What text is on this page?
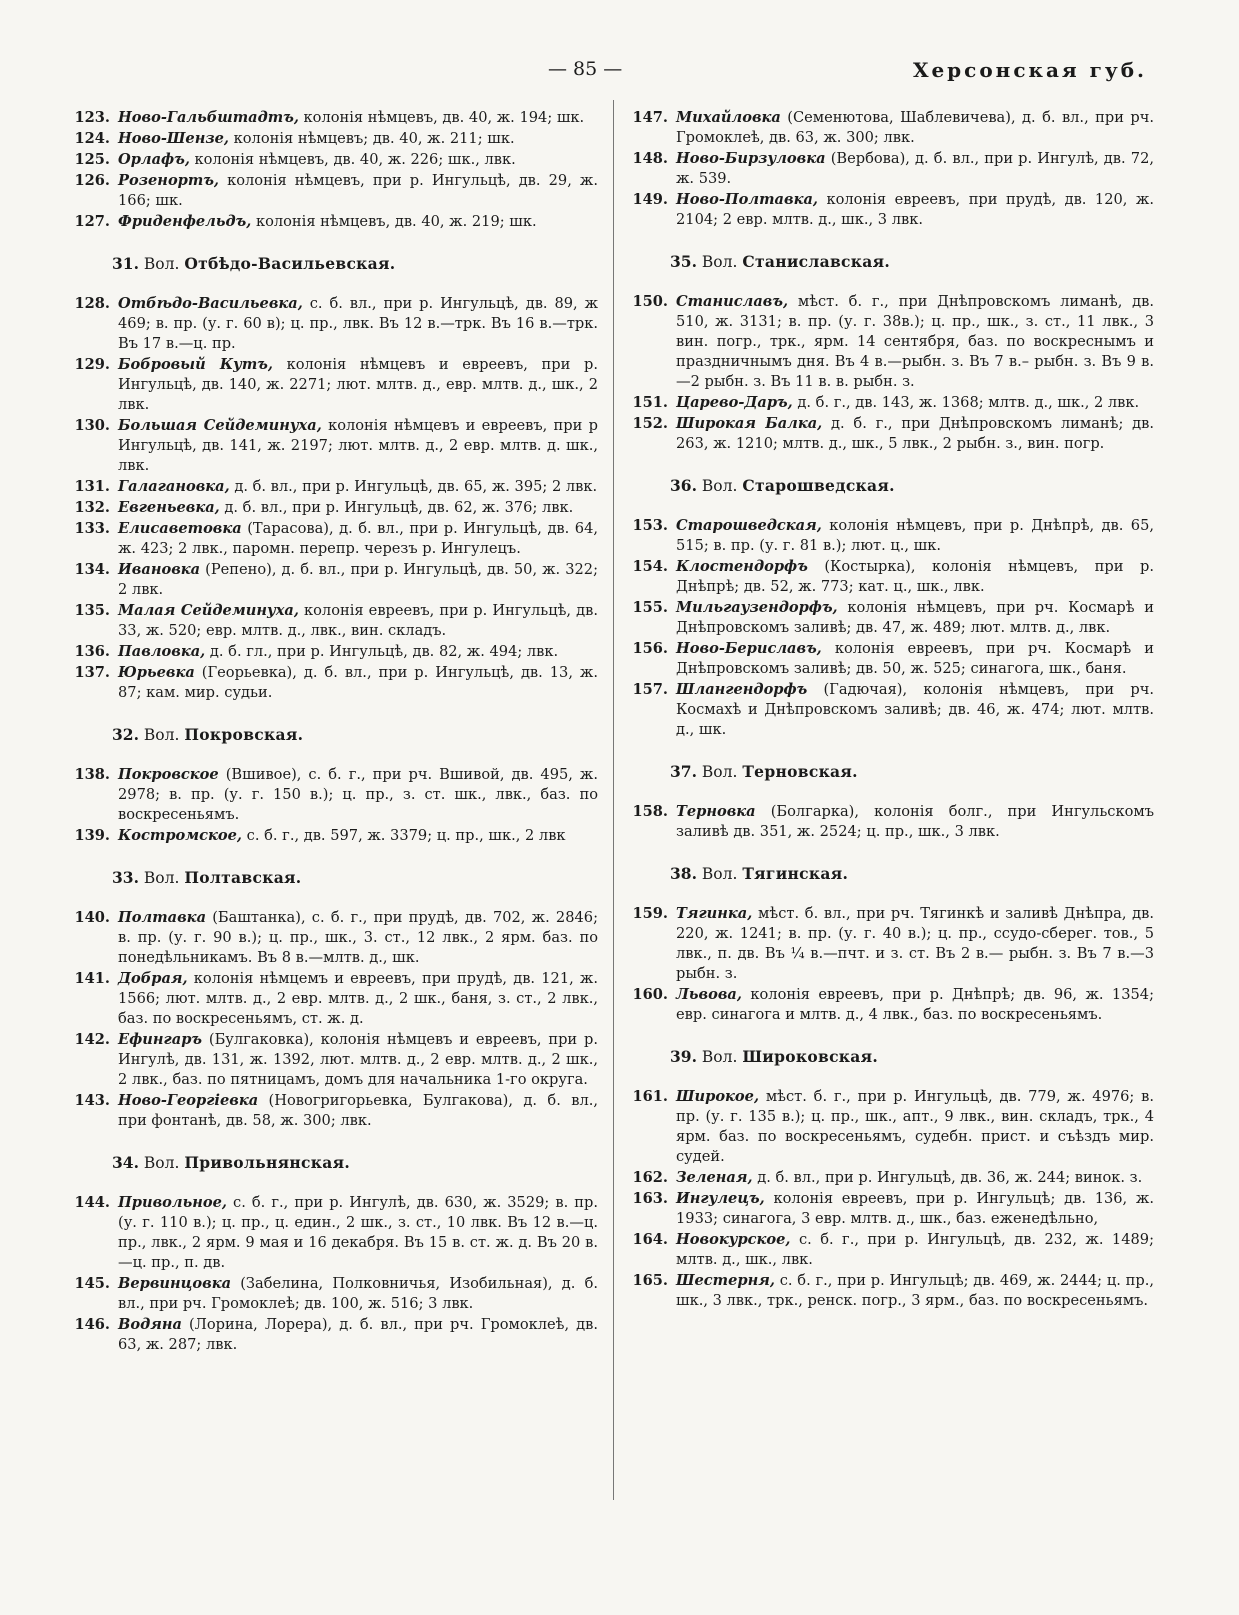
— 85 —	Херсонская губ.
123. Ново-Гальбштадтъ, колонія нѣмцевъ, дв. 40, ж. 194; шк.
124. Ново-Шензе, колонія нѣмцевъ; дв. 40, ж. 211; шк.
125. Орлафъ, колонія нѣмцевъ, дв. 40, ж. 226; шк., лвк.
126. Розенортъ, колонія нѣмцевъ, при р. Ингульцѣ, дв. 29, ж. 166; шк.
127. Фриденфельдъ, колонія нѣмцевъ, дв. 40, ж. 219; шк.
31. Вол. Отбѣдо-Васильевская.
128. Отбѣдо-Васильевка, с. б. вл., при р. Ингульцѣ, дв. 89, ж 469; в. пр. (у. г. 60 в); ц. пр., лвк. Въ 12 в.—трк. Въ 16 в.—трк. Въ 17 в.—ц. пр.
129. Бобровый Кутъ, колонія нѣмцевъ и евреевъ, при р. Ингульцѣ, дв. 140, ж. 2271; лют. млтв. д., евр. млтв. д., шк., 2 лвк.
130. Большая Сейдеминуха, колонія нѣмцевъ и евреевъ, при р Ингульцѣ, дв. 141, ж. 2197; лют. млтв. д., 2 евр. млтв. д. шк., лвк.
131. Галагановка, д. б. вл., при р. Ингульцѣ, дв. 65, ж. 395; 2 лвк.
132. Евгеньевка, д. б. вл., при р. Ингульцѣ, дв. 62, ж. 376; лвк.
133. Елисаветовка (Тарасова), д. б. вл., при р. Ингульцѣ, дв. 64, ж. 423; 2 лвк., паромн. перепр. черезъ р. Ингулецъ.
134. Ивановка (Репено), д. б. вл., при р. Ингульцѣ, дв. 50, ж. 322; 2 лвк.
135. Малая Сейдеминуха, колонія евреевъ, при р. Ингульцѣ, дв. 33, ж. 520; евр. млтв. д., лвк., вин. складъ.
136. Павловка, д. б. гл., при р. Ингульцѣ, дв. 82, ж. 494; лвк.
137. Юрьевка (Георьевка), д. б. вл., при р. Ингульцѣ, дв. 13, ж. 87; кам. мир. судьи.
32. Вол. Покровская.
138. Покровское (Вшивое), с. б. г., при рч. Вшивой, дв. 495, ж. 2978; в. пр. (у. г. 150 в.); ц. пр., з. ст. шк., лвк., баз. по воскресеньямъ.
139. Костромское, с. б. г., дв. 597, ж. 3379; ц. пр., шк., 2 лвк
33. Вол. Полтавская.
140. Полтавка (Баштанка), с. б. г., при прудѣ, дв. 702, ж. 2846; в. пр. (у. г. 90 в.); ц. пр., шк., 3. ст., 12 лвк., 2 ярм. баз. по понедѣльникамъ. Въ 8 в.—млтв. д., шк.
141. Добрая, колонія нѣмцемъ и евреевъ, при прудѣ, дв. 121, ж. 1566; лют. млтв. д., 2 евр. млтв. д., 2 шк., баня, з. ст., 2 лвк., баз. по воскресеньямъ, ст. ж. д.
142. Ефингаръ (Булгаковка), колонія нѣмцевъ и евреевъ, при р. Ингулѣ, дв. 131, ж. 1392, лют. млтв. д., 2 евр. млтв. д., 2 шк., 2 лвк., баз. по пятницамъ, домъ для начальника 1-го округа.
143. Ново-Георгіевка (Новогригорьевка, Булгакова), д. б. вл., при фонтанѣ, дв. 58, ж. 300; лвк.
34. Вол. Привольнянская.
144. Привольное, с. б. г., при р. Ингулѣ, дв. 630, ж. 3529; в. пр. (у. г. 110 в.); ц. пр., ц. един., 2 шк., з. ст., 10 лвк. Въ 12 в.—ц. пр., лвк., 2 ярм. 9 мая и 16 декабря. Въ 15 в. ст. ж. д. Въ 20 в.—ц. пр., п. дв.
145. Вервинцовка (Забелина, Полковничья, Изобильная), д. б. вл., при рч. Громоклеѣ; дв. 100, ж. 516; 3 лвк.
146. Водяна (Лорина, Лорера), д. б. вл., при рч. Громоклеѣ, дв. 63, ж. 287; лвк.
147. Михайловка (Семенютова, Шаблевичева), д. б. вл., при рч. Громоклеѣ, дв. 63, ж. 300; лвк.
148. Ново-Бирзуловка (Вербова), д. б. вл., при р. Ингулѣ, дв. 72, ж. 539.
149. Ново-Полтавка, колонія евреевъ, при прудѣ, дв. 120, ж. 2104; 2 евр. млтв. д., шк., 3 лвк.
35. Вол. Станиславская.
150. Станиславъ, мѣст. б. г., при Днѣпровскомъ лиманѣ, дв. 510, ж. 3131; в. пр. (у. г. 38в.); ц. пр., шк., з. ст., 11 лвк., 3 вин. погр., трк., ярм. 14 сентября, баз. по воскреснымъ и праздничнымъ дня. Въ 4 в.—рыбн. з. Въ 7 в.– рыбн. з. Въ 9 в.—2 рыбн. з. Въ 11 в. в. рыбн. з.
151. Царево-Даръ, д. б. г., дв. 143, ж. 1368; млтв. д., шк., 2 лвк.
152. Широкая Балка, д. б. г., при Днѣпровскомъ лиманѣ; дв. 263, ж. 1210; млтв. д., шк., 5 лвк., 2 рыбн. з., вин. погр.
36. Вол. Старошведская.
153. Старошведская, колонія нѣмцевъ, при р. Днѣпрѣ, дв. 65, 515; в. пр. (у. г. 81 в.); лют. ц., шк.
154. Клостендорфъ (Костырка), колонія нѣмцевъ, при р. Днѣпрѣ; дв. 52, ж. 773; кат. ц., шк., лвк.
155. Мильгаузендорфъ, колонія нѣмцевъ, при рч. Космарѣ и Днѣпровскомъ заливѣ; дв. 47, ж. 489; лют. млтв. д., лвк.
156. Ново-Бериславъ, колонія евреевъ, при рч. Космарѣ и Днѣпровскомъ заливѣ; дв. 50, ж. 525; синагога, шк., баня.
157. Шлангендорфъ (Гадючая), колонія нѣмцевъ, при рч. Космахѣ и Днѣпровскомъ заливѣ; дв. 46, ж. 474; лют. млтв. д., шк.
37. Вол. Терновская.
158. Терновка (Болгарка), колонія болг., при Ингульскомъ заливѣ дв. 351, ж. 2524; ц. пр., шк., 3 лвк.
38. Вол. Тягинская.
159. Тягинка, мѣст. б. вл., при рч. Тягинкѣ и заливѣ Днѣпра, дв. 220, ж. 1241; в. пр. (у. г. 40 в.); ц. пр., ссудо-сберег. тов., 5 лвк., п. дв. Въ ¼ в.—пчт. и з. ст. Въ 2 в.— рыбн. з. Въ 7 в.—3 рыбн. з.
160. Львова, колонія евреевъ, при р. Днѣпрѣ; дв. 96, ж. 1354; евр. синагога и млтв. д., 4 лвк., баз. по воскресеньямъ.
39. Вол. Широковская.
161. Широкое, мѣст. б. г., при р. Ингульцѣ, дв. 779, ж. 4976; в. пр. (у. г. 135 в.); ц. пр., шк., апт., 9 лвк., вин. складъ, трк., 4 ярм. баз. по воскресеньямъ, судебн. прист. и съѣздъ мир. судей.
162. Зеленая, д. б. вл., при р. Ингульцѣ, дв. 36, ж. 244; винок. з.
163. Ингулецъ, колонія евреевъ, при р. Ингульцѣ; дв. 136, ж. 1933; синагога, 3 евр. млтв. д., шк., баз. еженедѣльно,
164. Новокурское, с. б. г., при р. Ингульцѣ, дв. 232, ж. 1489; млтв. д., шк., лвк.
165. Шестерня, с. б. г., при р. Ингульцѣ; дв. 469, ж. 2444; ц. пр., шк., 3 лвк., трк., ренск. погр., 3 ярм., баз. по воскресеньямъ.
